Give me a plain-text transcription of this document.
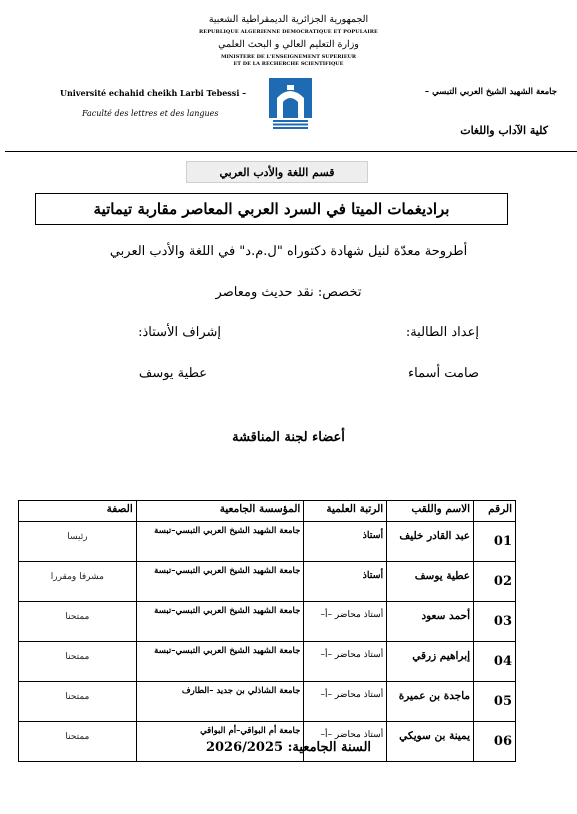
الجمهورية الجزائرية الديمقراطية الشعبية
REPUBLIQUE ALGERIENNE DEMOCRATIQUE ET POPULAIRE
وزارة التعليم العالي و البحث العلمي
MINISTERE DE L'ENSEIGNEMENT SUPERIEUR
ET DE LA RECHERCHE SCIENTIFIQUE
Université echahid cheikh Larbi Tebessi –
Faculté des lettres et des langues
جامعة الشهيد الشيخ العربي التبسي –
كلية الآداب واللغات
قسم اللغة والأدب العربي
براديغمات الميتا في السرد العربي المعاصر مقاربة تيماتية
أطروحة معدّة لنيل شهادة دكتوراه "ل.م.د" في اللغة والأدب العربي
تخصص: نقد حديث ومعاصر
إعداد الطالبة:
إشراف الأستاذ:
صامت أسماء
عطية يوسف
أعضاء لجنة المناقشة
الرقم	الاسم واللقب	الرتبة العلمية	المؤسسة الجامعية	الصفة
01	عبد القادر خليف	أستاذ	جامعة الشهيد الشيخ العربي التبسي–تبسة	رئيسا
02	عطية يوسف	أستاذ	جامعة الشهيد الشيخ العربي التبسي–تبسة	مشرفا ومقررا
03	أحمد سعود	أستاذ محاضر –أ–	جامعة الشهيد الشيخ العربي التبسي–تبسة	ممتحنا
04	إبراهيم زرقي	أستاذ محاضر –أ–	جامعة الشهيد الشيخ العربي التبسي–تبسة	ممتحنا
05	ماجدة بن عميرة	أستاذ محاضر –أ–	جامعة الشاذلي بن جديد –الطارف	ممتحنا
06	يمينة بن سويكي	أستاذ محاضر –أ–	جامعة أم البواقي–أم البواقي	ممتحنا
السنة الجامعية: 2026/2025
